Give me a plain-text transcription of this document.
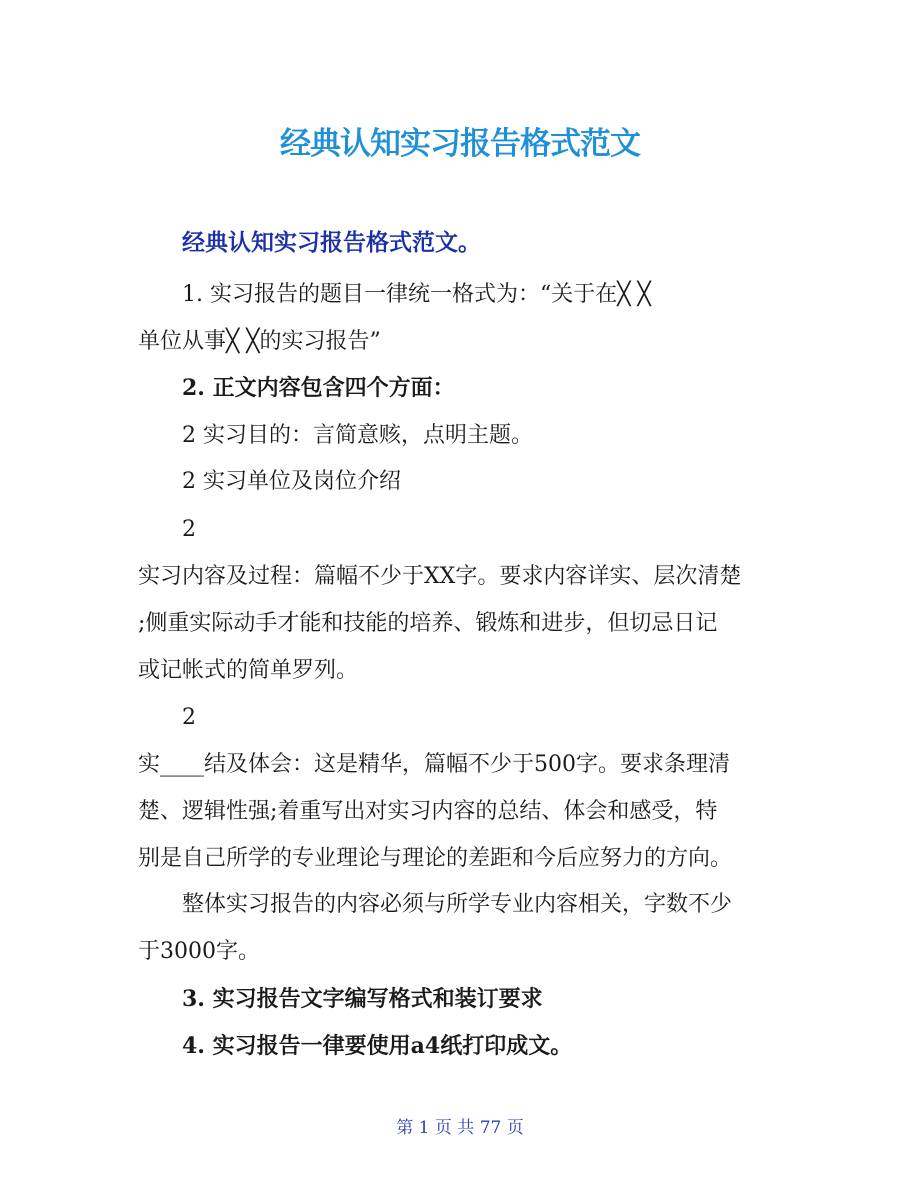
经典认知实习报告格式范文
经典认知实习报告格式范文。
1. 实习报告的题目一律统一格式为：“关于在╳ ╳
单位从事╳ ╳的实习报告”
2. 正文内容包含四个方面：
2 实习目的：言简意赅，点明主题。
2 实习单位及岗位介绍
2
实习内容及过程：篇幅不少于XX字。要求内容详实、层次清楚
;侧重实际动手才能和技能的培养、锻炼和进步，但切忌日记
或记帐式的简单罗列。
2
实____结及体会：这是精华，篇幅不少于500字。要求条理清
楚、逻辑性强;着重写出对实习内容的总结、体会和感受，特
别是自己所学的专业理论与理论的差距和今后应努力的方向。
整体实习报告的内容必须与所学专业内容相关，字数不少
于3000字。
3. 实习报告文字编写格式和装订要求
4. 实习报告一律要使用a4纸打印成文。
第 1 页 共 77 页
